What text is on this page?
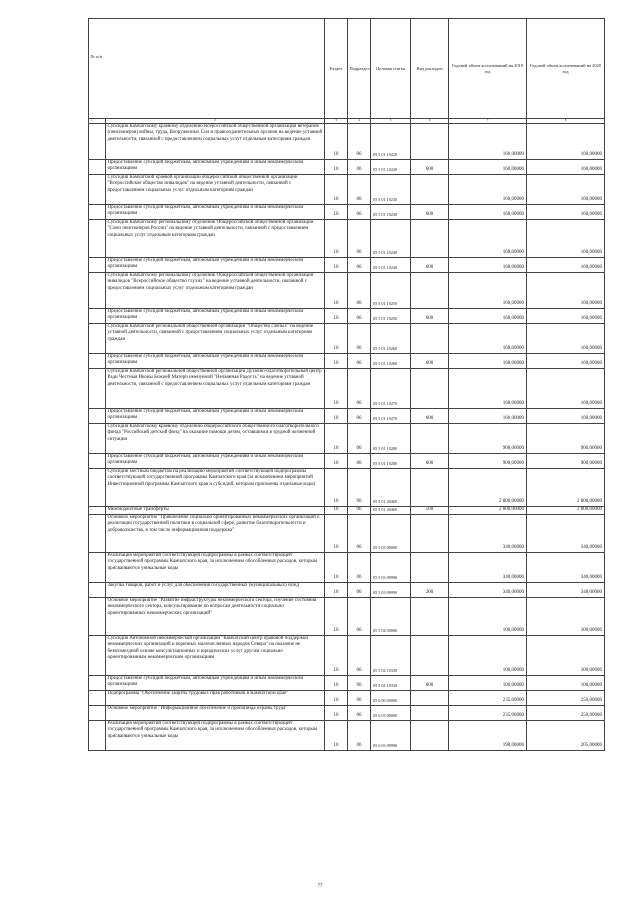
№ п/п		Раздел	Подраздел	Целевая статья	Вид расходов	Годовой объем ассигнований на 2019 год	Годовой объем ассигнований на 2020 год
1	2	3	4	5	6	7	8
	Субсидия Камчатскому краевому отделению Всероссийской общественной организации ветеранов (пенсионеров) войны, труда, Вооруженных Сил и правоохранительных органов на ведение уставной деятельности, связанной с предоставлением социальных услуг отдельным категориям граждан	10	06	05 5 01 10220		160,00000	160,00000
	Предоставление субсидий бюджетным, автономным учреждениям и иным некоммерческим организациям	10	06	05 5 01 10220	600	160,00000	160,00000
	Субсидия Камчатской краевой организации общероссийской общественной организации "Всероссийское общество инвалидов" на ведение уставной деятельности, связанной с предоставлением социальных услуг отдельным категориям граждан	10	06	05 5 01 10230		160,00000	160,00000
	Предоставление субсидий бюджетным, автономным учреждениям и иным некоммерческим организациям	10	06	05 5 01 10230	600	160,00000	160,00000
	Субсидия Камчатскому региональному отделению Общероссийской общественной организации "Союз пенсионеров России" на ведение уставной деятельности, связанной с предоставлением социальных услуг отдельным категориям граждан	10	06	05 5 01 10240		160,00000	160,00000
	Предоставление субсидий бюджетным, автономным учреждениям и иным некоммерческим организациям	10	06	05 5 01 10240	600	160,00000	160,00000
	Субсидия Камчатскому региональному отделению Общероссийской общественной организации инвалидов "Всероссийское общество глухих" на ведение уставной деятельности, связанной с предоставлением социальных услуг отдельным категориям граждан	10	06	05 5 01 10250		160,00000	160,00000
	Предоставление субсидий бюджетным, автономным учреждениям и иным некоммерческим организациям	10	06	05 5 01 10250	600	160,00000	160,00000
	Субсидия Камчатской региональной общественной организации "Общество слепых" на ведение уставной деятельности, связанной с предоставлением социальных услуг отдельным категориям граждан	10	06	05 5 01 10260		160,00000	160,00000
	Предоставление субсидий бюджетным, автономным учреждениям и иным некоммерческим организациям	10	06	05 5 01 10260	600	160,00000	160,00000
	Субсидия Камчатской региональной общественной организации Духовно-благотворительный центр Ради Честныя Иконы Божией Матери именуемой "Нечаянная Радость" на ведение уставной деятельности, связанной с предоставлением социальных услуг отдельным категориям граждан	10	06	05 5 01 10270		160,00000	160,00000
	Предоставление субсидий бюджетным, автономным учреждениям и иным некоммерческим организациям	10	06	05 5 01 10270	600	160,00000	160,00000
	Субсидия Камчатскому краевому отделению общероссийского общественного благотворительного фонда "Российский детский фонд" на оказание помощи детям, оставшимся в трудной жизненной ситуации	10	06	05 5 01 10280		900,00000	900,00000
	Предоставление субсидий бюджетным, автономным учреждениям и иным некоммерческим организациям	10	06	05 5 01 10280	600	900,00000	900,00000
	Субсидии местным бюджетам на реализацию мероприятий соответствующей подпрограммы соответствующей государственной программы Камчатского края (за исключением мероприятий Инвестиционной программы Камчатского края и субсидий, которым присвоены отдельные коды)	10	06	05 5 01 40460		2 800,00000	2 800,00000
	Межбюджетные трансферты	10	06	05 5 01 40460	500	2 800,00000	2 800,00000
	Основное мероприятие "Привлечение социально ориентированных некоммерческих организаций к реализации государственной политики в социальной сфере, развитие благотворительности и добровольчества, в том числе информационная поддержка"	10	06	05 5 03 00000		340,00000	340,00000
	Реализация мероприятий соответствующей подпрограммы в рамках соответствующей государственной программы Камчатского края, за исключением обособленных расходов, которым присваиваются уникальные коды	10	06	05 5 03 09990		340,00000	340,00000
	Закупка товаров, работ и услуг для обеспечения государственных (муниципальных) нужд	10	06	05 5 03 09990	200	340,00000	340,00000
	Основное мероприятие "Развитие инфраструктуры некоммерческого сектора, изучение состояния некоммерческого сектора, консультирование по вопросам деятельности социально ориентированных некоммерческих организаций"	10	06	05 5 04 00000		100,00000	100,00000
	Субсидия Автономной некоммерческой организации "Камчатский центр правовой поддержки некоммерческих организаций и коренных малочисленных народов Севера" на оказание не безвозмездной основе консультационных и юридических услуг другим социально ориентированным некоммерческим организациям	10	06	05 5 04 10330		100,00000	100,00000
	Предоставление субсидий бюджетным, автономным учреждениям и иным некоммерческим организациям	10	06	05 5 04 10330	600	100,00000	100,00000
	Подпрограмма "Обеспечение защиты трудовых прав работников в Камчатском крае"	10	06	05 6 00 00000		235,00000	250,00000
	Основное мероприятие "Информационное обеспечение и пропаганда охраны труда"	10	06	05 6 03 00000		235,00000	250,00000
	Реализация мероприятий соответствующей подпрограммы в рамках соответствующей государственной программы Камчатского края, за исключением обособленных расходов, которым присваиваются уникальные коды	10	06	05 6 03 09990		190,00000	205,00000
77
